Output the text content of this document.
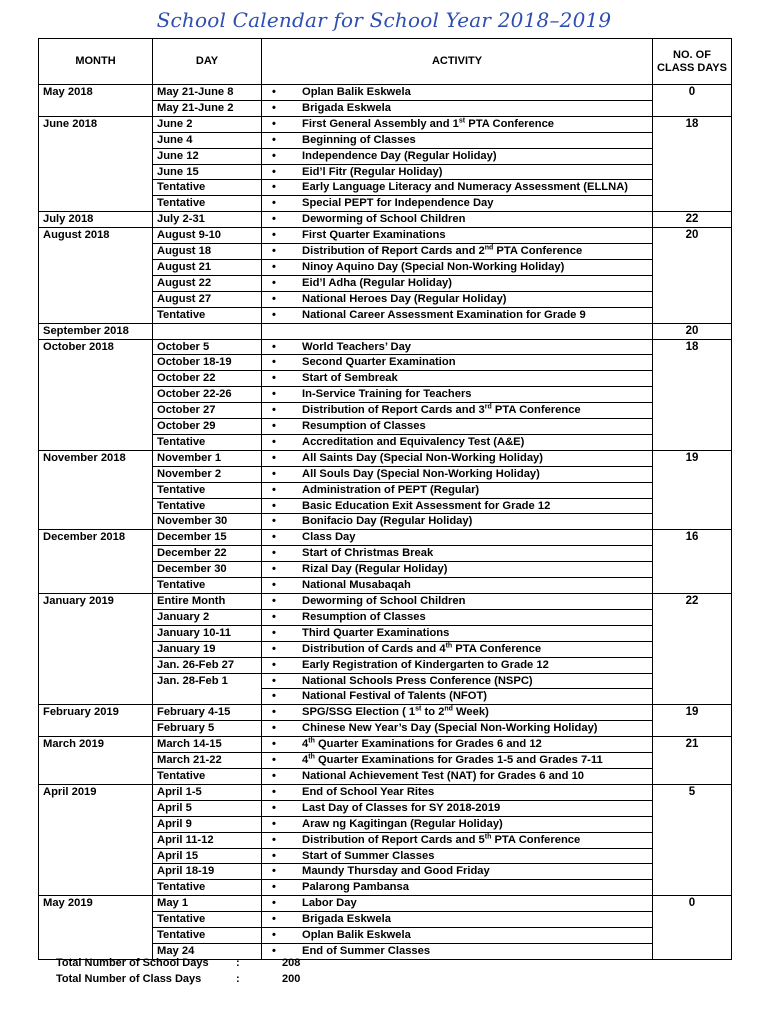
School Calendar for School Year 2018–2019
MONTH	DAY	ACTIVITY	NO. OF CLASS DAYS
May 2018	May 21-June 8	• Oplan Balik Eskwela	0
	May 21-June 2	• Brigada Eskwela	
June 2018	June 2	• First General Assembly and 1st PTA Conference	18
	June 4	• Beginning of Classes	
	June 12	• Independence Day (Regular Holiday)	
	June 15	• Eid’l Fitr (Regular Holiday)	
	Tentative	• Early Language Literacy and Numeracy Assessment (ELLNA)	
	Tentative	• Special PEPT for Independence Day	
July 2018	July 2-31	• Deworming of School Children	22
August 2018	August 9-10	• First Quarter Examinations	20
	August 18	• Distribution of Report Cards and 2nd PTA Conference	
	August 21	• Ninoy Aquino Day (Special Non-Working Holiday)	
	August 22	• Eid’l Adha (Regular Holiday)	
	August 27	• National Heroes Day (Regular Holiday)	
	Tentative	• National Career Assessment Examination for Grade 9	
September 2018			20
October 2018	October 5	• World Teachers’ Day	18
	October 18-19	• Second Quarter Examination	
	October 22	• Start of Sembreak	
	October 22-26	• In-Service Training for Teachers	
	October 27	• Distribution of Report Cards and 3rd PTA Conference	
	October 29	• Resumption of Classes	
	Tentative	• Accreditation and Equivalency Test (A&E)	
November 2018	November 1	• All Saints Day (Special Non-Working Holiday)	19
	November 2	• All Souls Day (Special Non-Working Holiday)	
	Tentative	• Administration of PEPT (Regular)	
	Tentative	• Basic Education Exit Assessment for Grade 12	
	November 30	• Bonifacio Day (Regular Holiday)	
December 2018	December 15	• Class Day	16
	December 22	• Start of Christmas Break	
	December 30	• Rizal Day (Regular Holiday)	
	Tentative	• National Musabaqah	
January 2019	Entire Month	• Deworming of School Children	22
	January 2	• Resumption of Classes	
	January 10-11	• Third Quarter Examinations	
	January 19	• Distribution of Cards and 4th PTA Conference	
	Jan. 26-Feb 27	• Early Registration of Kindergarten to Grade 12	
	Jan. 28-Feb 1	• National Schools Press Conference (NSPC)	
		• National Festival of Talents (NFOT)	
February 2019	February 4-15	• SPG/SSG Election ( 1st to 2nd Week)	19
	February 5	• Chinese New Year’s Day (Special Non-Working Holiday)	
March 2019	March 14-15	• 4th Quarter Examinations for Grades 6 and 12	21
	March 21-22	• 4th Quarter Examinations for Grades 1-5 and Grades 7-11	
	Tentative	• National Achievement Test (NAT) for Grades 6 and 10	
April 2019	April 1-5	• End of School Year Rites	5
	April 5	• Last Day of Classes for SY 2018-2019	
	April 9	• Araw ng Kagitingan (Regular Holiday)	
	April 11-12	• Distribution of Report Cards and 5th PTA Conference	
	April 15	• Start of Summer Classes	
	April 18-19	• Maundy Thursday and Good Friday	
	Tentative	• Palarong Pambansa	
May 2019	May 1	• Labor Day	0
	Tentative	• Brigada Eskwela	
	Tentative	• Oplan Balik Eskwela	
	May 24	• End of Summer Classes	
Total Number of School Days :	208
Total Number of Class Days	:	200
